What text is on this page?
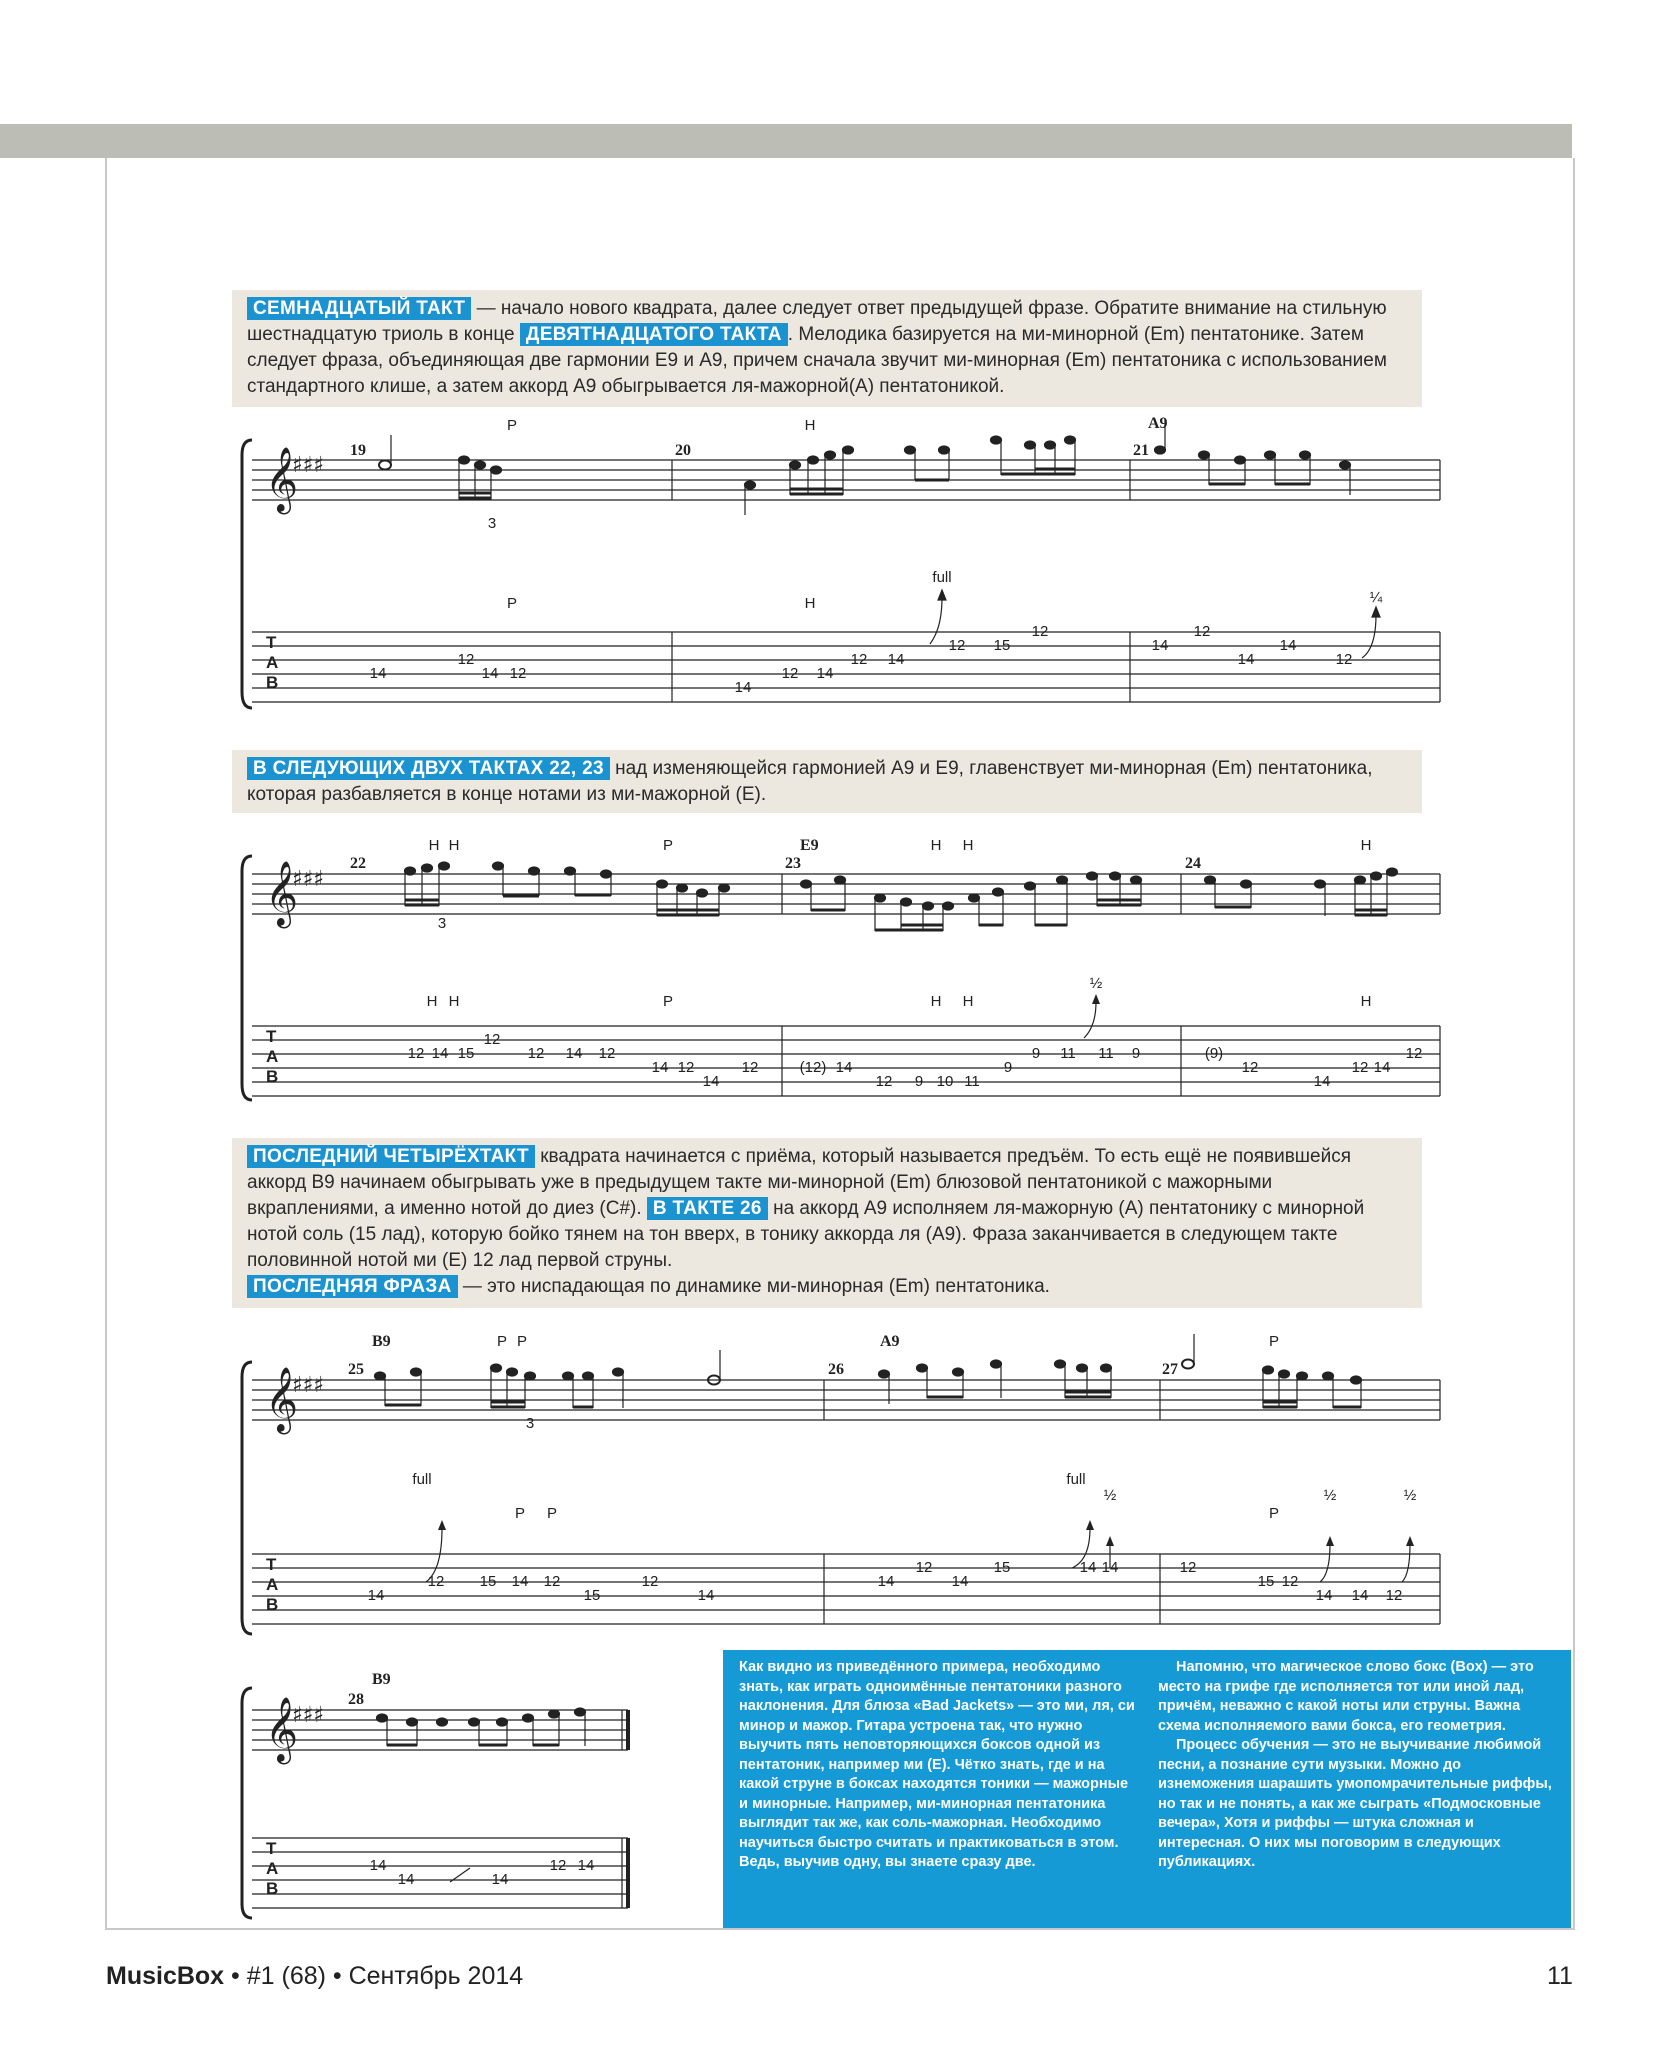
СЕМНАДЦАТЫЙ ТАКТ — начало нового квадрата, далее следует ответ предыдущей фразе. Обратите внимание на стильную шестнадцатую триоль в конце ДЕВЯТНАДЦАТОГО ТАКТА . Мелодика базируется на ми-минорной (Em) пентатонике. Затем следует фраза, объединяющая две гармонии E9 и A9, причем сначала звучит ми-минорная (Em) пентатоника с использованием стандартного клише, а затем аккорд A9 обыгрывается ля-мажорной(A) пентатоникой.
𝄞
♯♯♯
19	20	21
A9
P	H
P	H
full
¼
3
14
12
14 12
14
12 14
12 14
12 15
12
14
12
14
14
12
T
A
B
В СЛЕДУЮЩИХ ДВУХ ТАКТАХ 22, 23 над изменяющейся гармонией A9 и E9, главенствует ми-минорная (Em) пентатоника, которая разбавляется в конце нотами из ми-мажорной (E).
𝄞
♯♯♯
22	23	24
E9
H H	P	H H	H
H H	P	H H
½
H
3
12 14 15
12
12 14 12
14 12
14
12	(12) 14
12 9 10 11
9
9 11 11 9	(9)
12
14
12 14
12
T
A
B
ПОСЛЕДНИЙ ЧЕТЫРЁХТАКТ квадрата начинается с приёма, который называется предъём. То есть ещё не появившейся аккорд B9 начинаем обыгрывать уже в предыдущем такте ми-минорной (Em) блюзовой пентатоникой с мажорными вкраплениями, а именно нотой до диез (C#). В ТАКТЕ 26 на аккорд A9 исполняем ля-мажорную (A) пентатонику с минорной нотой соль (15 лад), которую бойко тянем на тон вверх, в тонику аккорда ля (A9). Фраза заканчивается в следующем такте половинной нотой ми (E) 12 лад первой струны.
ПОСЛЕДНЯЯ ФРАЗА — это ниспадающая по динамике ми-минорная (Em) пентатоника.
𝄞
♯♯♯
25	26	27
B9	A9
P P	P
full
P P
full
½
P
½	½
3
14
12 15 14 12
15
12
14
14
12
14
15	14 14	12
15 12
14 14 12
T
A
B
𝄞
♯♯♯
28
B9
14
14	14
12 14
T
A
B

Как видно из приведённого примера, необходимо знать, как играть одноимённые пентатоники разного наклонения. Для блюза «Bad Jackets» — это ми, ля, си минор и мажор. Гитара устроена так, что нужно выучить пять неповторяющихся боксов одной из пентатоник, например ми (E). Чётко знать, где и на какой струне в боксах находятся тоники — мажорные и минорные. Например, ми-минорная пентатоника выглядит так же, как соль-мажорная. Необходимо научиться быстро считать и практиковаться в этом. Ведь, выучив одну, вы знаете сразу две.

Напомню, что магическое слово бокс (Box) — это место на грифе где исполняется тот или иной лад, причём, неважно с какой ноты или струны. Важна схема исполняемого вами бокса, его геометрия.

Процесс обучения — это не выучивание любимой песни, а познание сути музыки. Можно до изнеможения шарашить умопомрачительные риффы, но так и не понять, а как же сыграть «Подмосковные вечера», Хотя и риффы — штука сложная и интересная. О них мы поговорим в следующих публикациях.

MusicBox • #1 (68) • Сентябрь 2014	11
